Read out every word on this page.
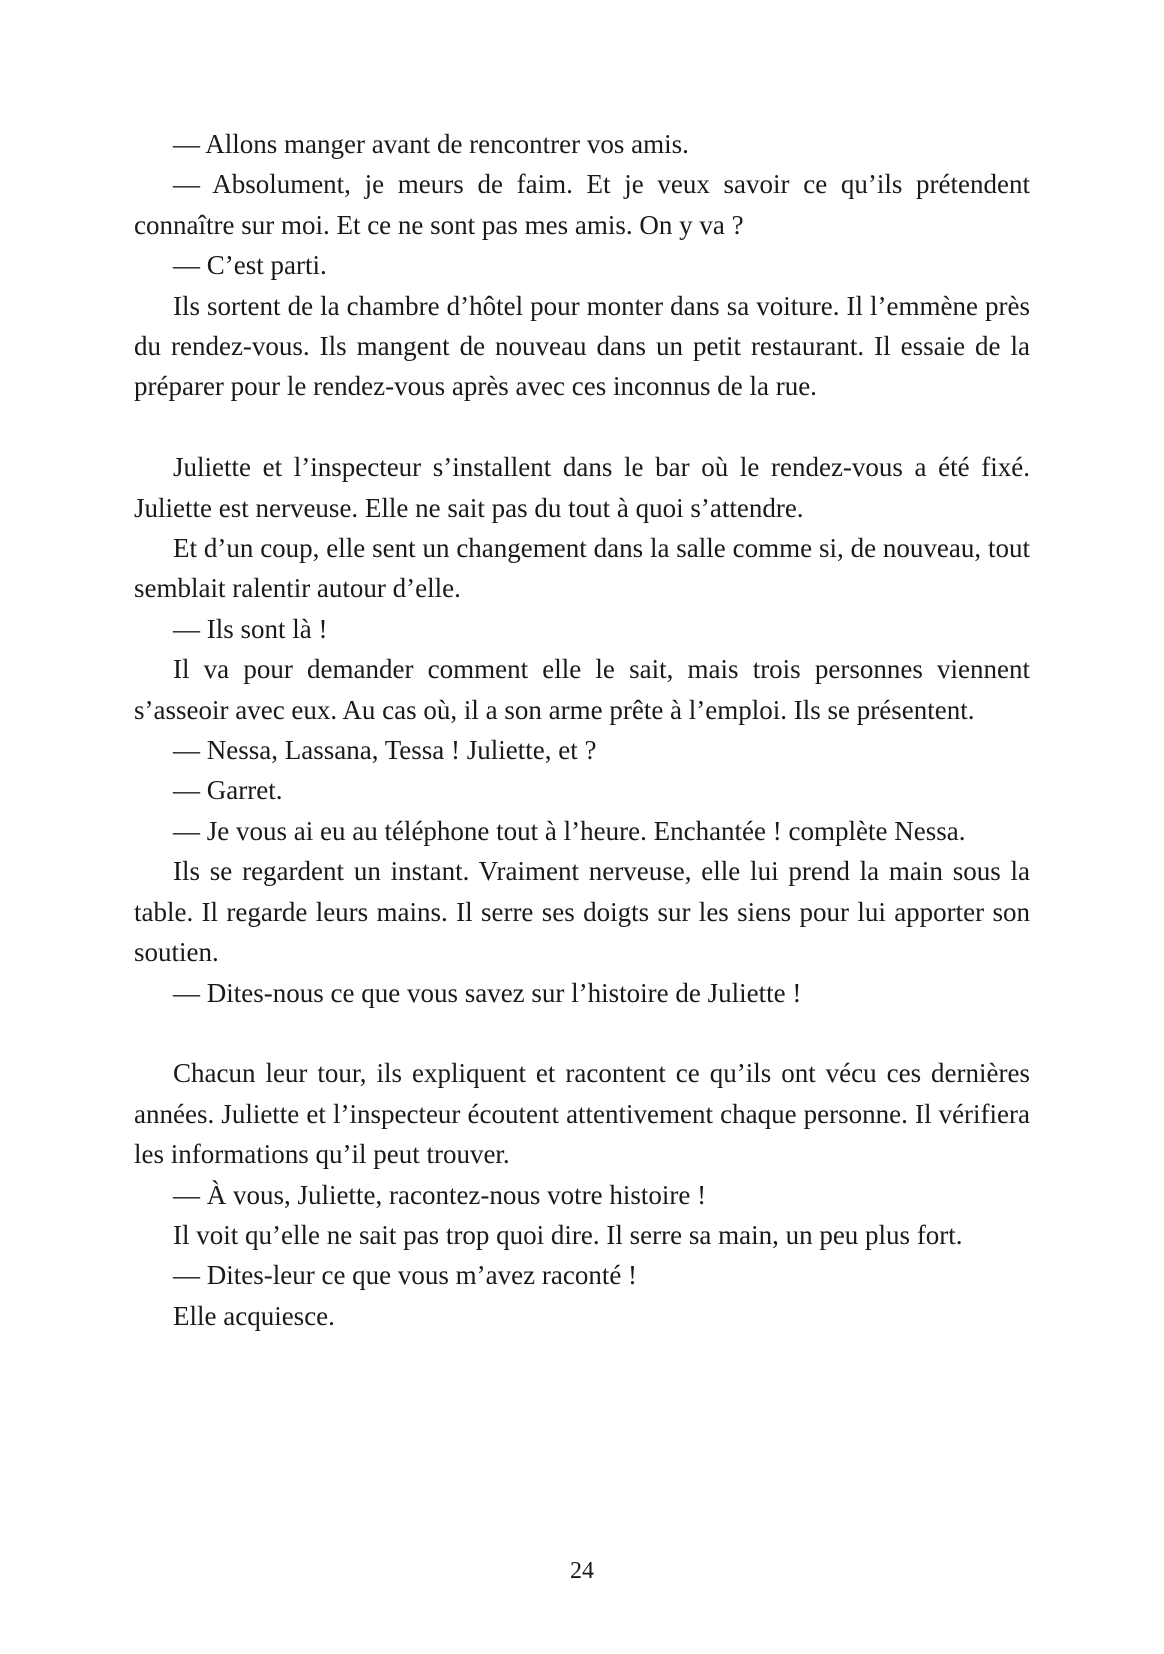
— Allons manger avant de rencontrer vos amis.

— Absolument, je meurs de faim. Et je veux savoir ce qu’ils prétendent connaître sur moi. Et ce ne sont pas mes amis. On y va ?

— C’est parti.

Ils sortent de la chambre d’hôtel pour monter dans sa voiture. Il l’emmène près du rendez-vous. Ils mangent de nouveau dans un petit restaurant. Il essaie de la préparer pour le rendez-vous après avec ces inconnus de la rue.

Juliette et l’inspecteur s’installent dans le bar où le rendez-vous a été fixé. Juliette est nerveuse. Elle ne sait pas du tout à quoi s’attendre.

Et d’un coup, elle sent un changement dans la salle comme si, de nouveau, tout semblait ralentir autour d’elle.

— Ils sont là !

Il va pour demander comment elle le sait, mais trois personnes viennent s’asseoir avec eux. Au cas où, il a son arme prête à l’emploi. Ils se présentent.

— Nessa, Lassana, Tessa ! Juliette, et ?

— Garret.

— Je vous ai eu au téléphone tout à l’heure. Enchantée ! complète Nessa.

Ils se regardent un instant. Vraiment nerveuse, elle lui prend la main sous la table. Il regarde leurs mains. Il serre ses doigts sur les siens pour lui apporter son soutien.

— Dites-nous ce que vous savez sur l’histoire de Juliette !

Chacun leur tour, ils expliquent et racontent ce qu’ils ont vécu ces dernières années. Juliette et l’inspecteur écoutent attentivement chaque personne. Il vérifiera les informations qu’il peut trouver.

— À vous, Juliette, racontez-nous votre histoire !

Il voit qu’elle ne sait pas trop quoi dire. Il serre sa main, un peu plus fort.

— Dites-leur ce que vous m’avez raconté !

Elle acquiesce.

24
